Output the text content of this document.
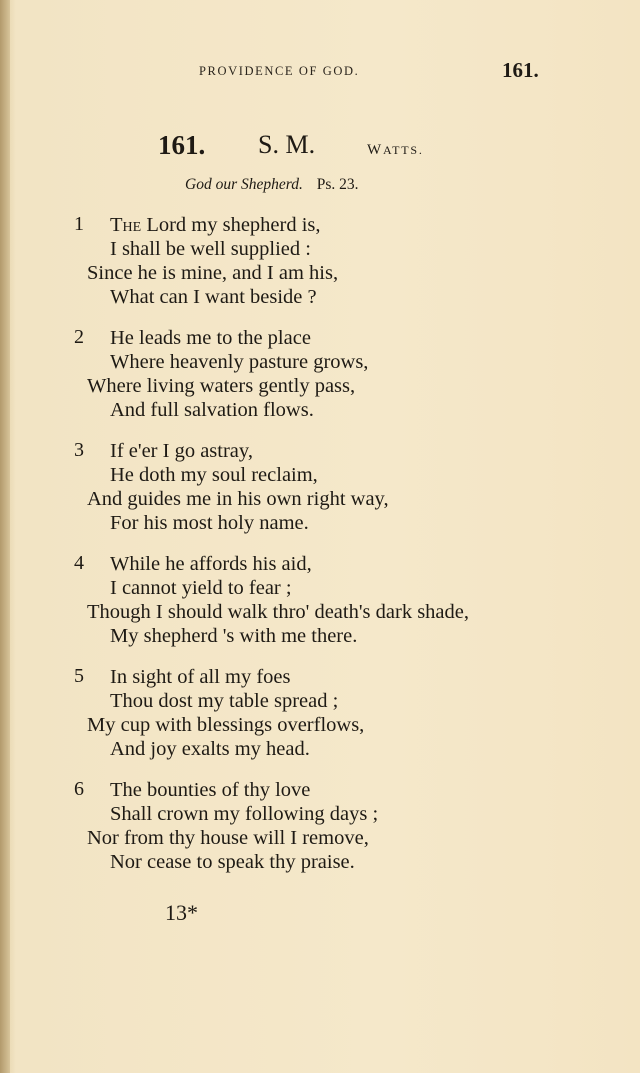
PROVIDENCE OF GOD.	161.
161. S. M.	WATTS.
God our Shepherd. Ps. 23.
1 The Lord my shepherd is,
I shall be well supplied :
Since he is mine, and I am his,
What can I want beside ?
2 He leads me to the place
Where heavenly pasture grows,
Where living waters gently pass,
And full salvation flows.
3 If e'er I go astray,
He doth my soul reclaim,
And guides me in his own right way,
For his most holy name.
4 While he affords his aid,
I cannot yield to fear ;
Though I should walk thro' death's dark shade,
My shepherd 's with me there.
5 In sight of all my foes
Thou dost my table spread ;
My cup with blessings overflows,
And joy exalts my head.
6 The bounties of thy love
Shall crown my following days ;
Nor from thy house will I remove,
Nor cease to speak thy praise.
13*
